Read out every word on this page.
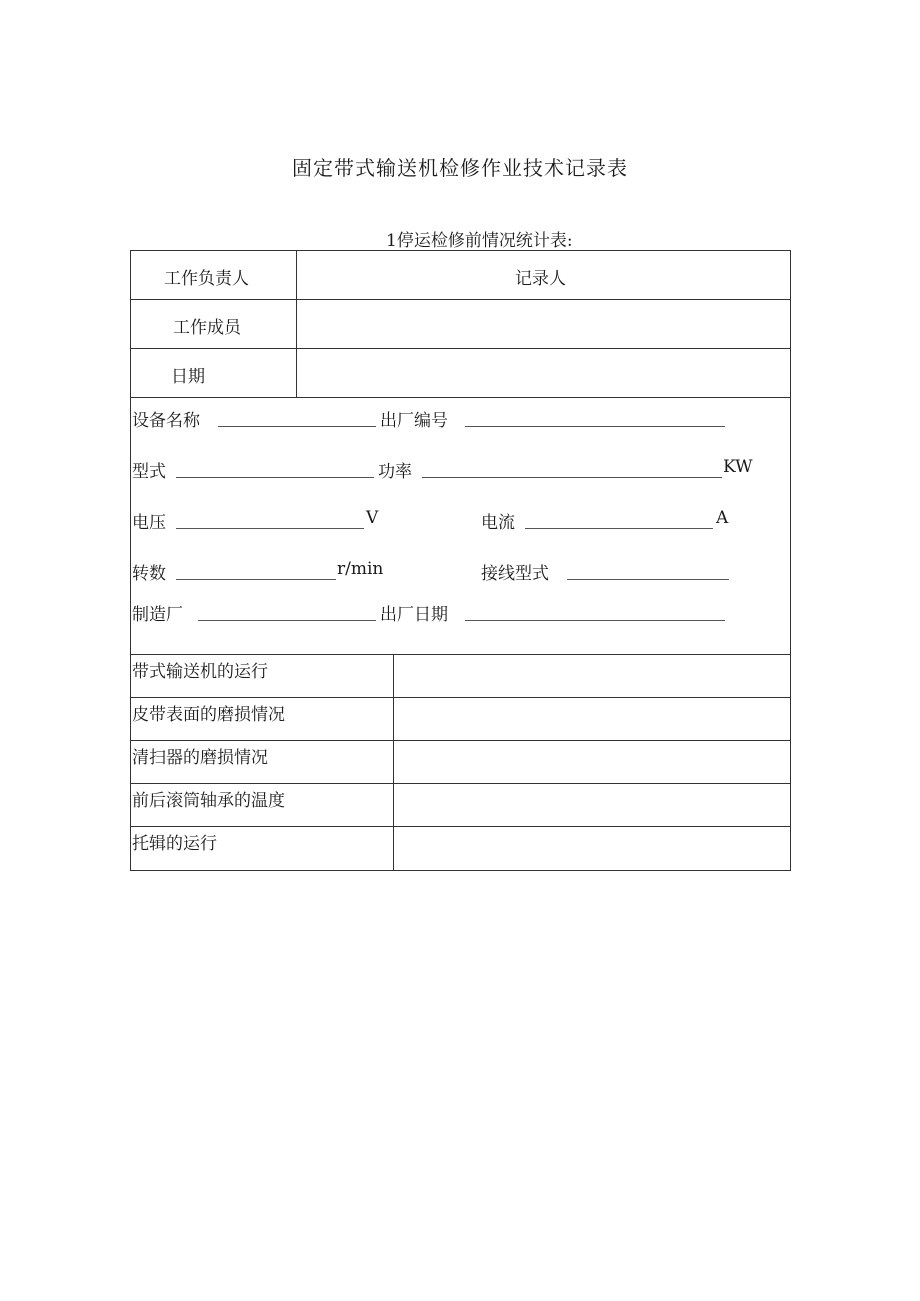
固定带式输送机检修作业技术记录表
1停运检修前情况统计表:
工作负责人	记录人
工作成员
日期
设备名称	出厂编号
型式	功率	KW
电压	V	电流	A
转数	r/min	接线型式
制造厂	出厂日期
带式输送机的运行
皮带表面的磨损情况
清扫器的磨损情况
前后滚筒轴承的温度
托辑的运行
